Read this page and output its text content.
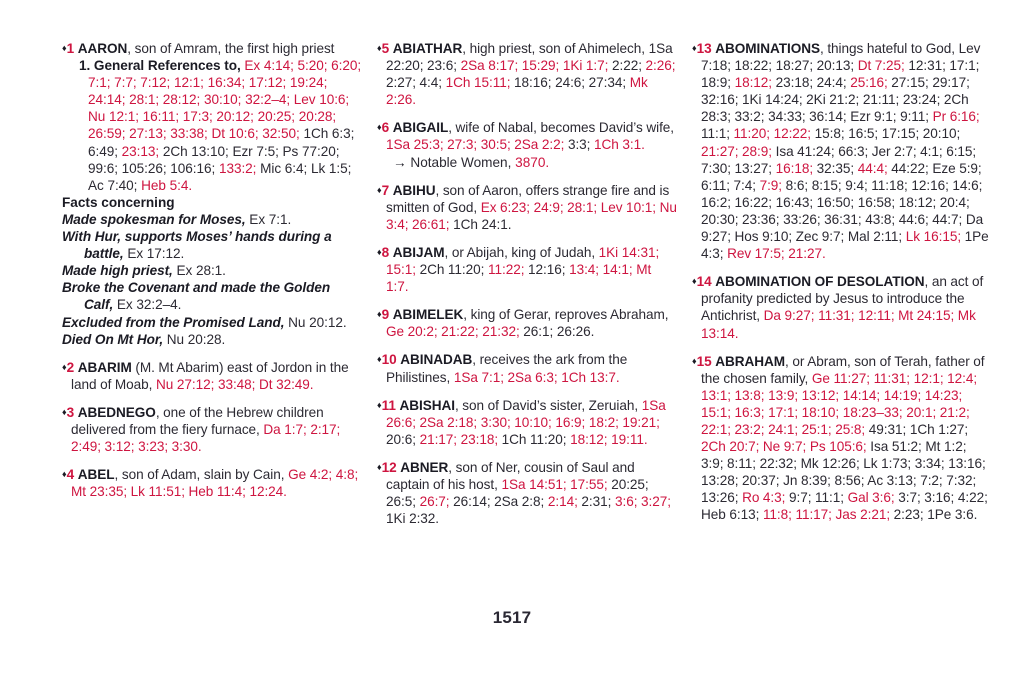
♦1 AARON, son of Amram, the first high priest

1. General References to, Ex 4:14; 5:20; 6:20; 7:1; 7:7; 7:12; 12:1; 16:34; 17:12; 19:24; 24:14; 28:1; 28:12; 30:10; 32:2–4; Lev 10:6; Nu 12:1; 16:11; 17:3; 20:12; 20:25; 20:28; 26:59; 27:13; 33:38; Dt 10:6; 32:50; 1Ch 6:3; 6:49; 23:13; 2Ch 13:10; Ezr 7:5; Ps 77:20; 99:6; 105:26; 106:16; 133:2; Mic 6:4; Lk 1:5; Ac 7:40; Heb 5:4.

Facts concerning

Made spokesman for Moses, Ex 7:1.

With Hur, supports Moses’ hands during a battle, Ex 17:12.

Made high priest, Ex 28:1.

Broke the Covenant and made the Golden Calf, Ex 32:2–4.

Excluded from the Promised Land, Nu 20:12.

Died On Mt Hor, Nu 20:28.

♦2 ABARIM (M. Mt Abarim) east of Jordon in the land of Moab, Nu 27:12; 33:48; Dt 32:49.

♦3 ABEDNEGO, one of the Hebrew children delivered from the fiery furnace, Da 1:7; 2:17; 2:49; 3:12; 3:23; 3:30.

♦4 ABEL, son of Adam, slain by Cain, Ge 4:2; 4:8; Mt 23:35; Lk 11:51; Heb 11:4; 12:24.

♦5 ABIATHAR, high priest, son of Ahimelech, 1Sa 22:20; 23:6; 2Sa 8:17; 15:29; 1Ki 1:7; 2:22; 2:26; 2:27; 4:4; 1Ch 15:11; 18:16; 24:6; 27:34; Mk 2:26.

♦6 ABIGAIL, wife of Nabal, becomes David’s wife, 1Sa 25:3; 27:3; 30:5; 2Sa 2:2; 3:3; 1Ch 3:1.

→ Notable Women, 3870.

♦7 ABIHU, son of Aaron, offers strange fire and is smitten of God, Ex 6:23; 24:9; 28:1; Lev 10:1; Nu 3:4; 26:61; 1Ch 24:1.

♦8 ABIJAM, or Abijah, king of Judah, 1Ki 14:31; 15:1; 2Ch 11:20; 11:22; 12:16; 13:4; 14:1; Mt 1:7.

♦9 ABIMELEK, king of Gerar, reproves Abraham, Ge 20:2; 21:22; 21:32; 26:1; 26:26.

♦10 ABINADAB, receives the ark from the Philistines, 1Sa 7:1; 2Sa 6:3; 1Ch 13:7.

♦11 ABISHAI, son of David’s sister, Zeruiah, 1Sa 26:6; 2Sa 2:18; 3:30; 10:10; 16:9; 18:2; 19:21; 20:6; 21:17; 23:18; 1Ch 11:20; 18:12; 19:11.

♦12 ABNER, son of Ner, cousin of Saul and captain of his host, 1Sa 14:51; 17:55; 20:25; 26:5; 26:7; 26:14; 2Sa 2:8; 2:14; 2:31; 3:6; 3:27; 1Ki 2:32.

♦13 ABOMINATIONS, things hateful to God, Lev 7:18; 18:22; 18:27; 20:13; Dt 7:25; 12:31; 17:1; 18:9; 18:12; 23:18; 24:4; 25:16; 27:15; 29:17; 32:16; 1Ki 14:24; 2Ki 21:2; 21:11; 23:24; 2Ch 28:3; 33:2; 34:33; 36:14; Ezr 9:1; 9:11; Pr 6:16; 11:1; 11:20; 12:22; 15:8; 16:5; 17:15; 20:10; 21:27; 28:9; Isa 41:24; 66:3; Jer 2:7; 4:1; 6:15; 7:30; 13:27; 16:18; 32:35; 44:4; 44:22; Eze 5:9; 6:11; 7:4; 7:9; 8:6; 8:15; 9:4; 11:18; 12:16; 14:6; 16:2; 16:22; 16:43; 16:50; 16:58; 18:12; 20:4; 20:30; 23:36; 33:26; 36:31; 43:8; 44:6; 44:7; Da 9:27; Hos 9:10; Zec 9:7; Mal 2:11; Lk 16:15; 1Pe 4:3; Rev 17:5; 21:27.

♦14 ABOMINATION OF DESOLATION, an act of profanity predicted by Jesus to introduce the Antichrist, Da 9:27; 11:31; 12:11; Mt 24:15; Mk 13:14.

♦15 ABRAHAM, or Abram, son of Terah, father of the chosen family, Ge 11:27; 11:31; 12:1; 12:4; 13:1; 13:8; 13:9; 13:12; 14:14; 14:19; 14:23; 15:1; 16:3; 17:1; 18:10; 18:23–33; 20:1; 21:2; 22:1; 23:2; 24:1; 25:1; 25:8; 49:31; 1Ch 1:27; 2Ch 20:7; Ne 9:7; Ps 105:6; Isa 51:2; Mt 1:2; 3:9; 8:11; 22:32; Mk 12:26; Lk 1:73; 3:34; 13:16; 13:28; 20:37; Jn 8:39; 8:56; Ac 3:13; 7:2; 7:32; 13:26; Ro 4:3; 9:7; 11:1; Gal 3:6; 3:7; 3:16; 4:22; Heb 6:13; 11:8; 11:17; Jas 2:21; 2:23; 1Pe 3:6.

1517
